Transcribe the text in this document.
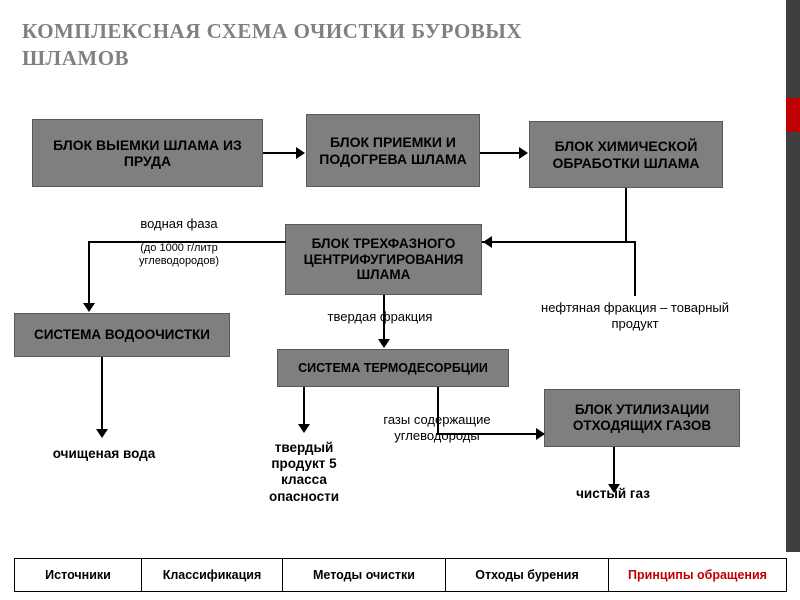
КОМПЛЕКСНАЯ СХЕМА ОЧИСТКИ БУРОВЫХ ШЛАМОВ
БЛОК ВЫЕМКИ ШЛАМА ИЗ ПРУДА
БЛОК ПРИЕМКИ И ПОДОГРЕВА ШЛАМА
БЛОК ХИМИЧЕСКОЙ ОБРАБОТКИ ШЛАМА
БЛОК ТРЕХФАЗНОГО ЦЕНТРИФУГИРОВАНИЯ ШЛАМА
СИСТЕМА ВОДООЧИСТКИ
СИСТЕМА ТЕРМОДЕСОРБЦИИ
БЛОК УТИЛИЗАЦИИ ОТХОДЯЩИХ ГАЗОВ
водная фаза
(до 1000 г/литр углеводородов)
твердая фракция
нефтяная фракция – товарный продукт
очищеная вода	твердый продукт 5 класса опасности
газы содержащие углеводороды
чистый газ
Источники	Классификация	Методы очистки	Отходы бурения	Принципы обращения
